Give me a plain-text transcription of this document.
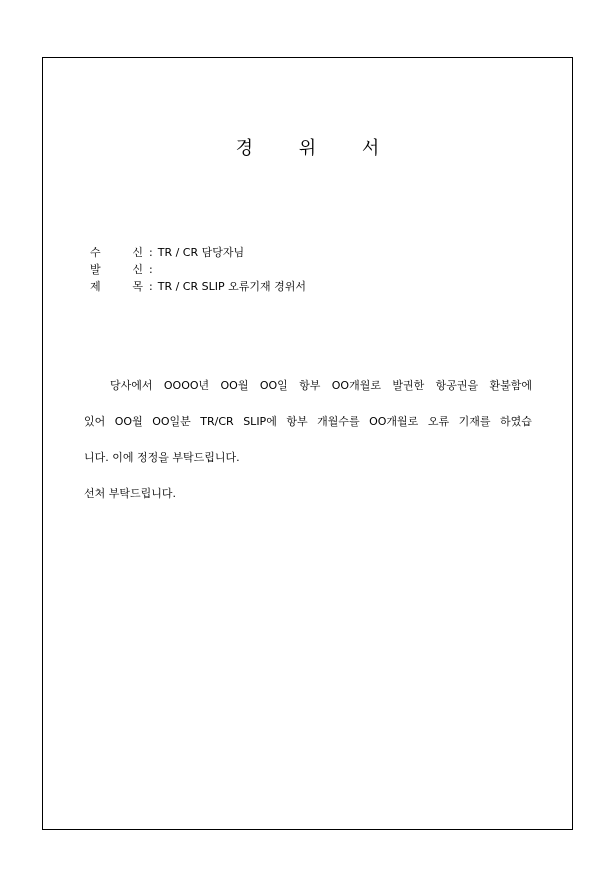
경	위	서
수	신 : TR / CR 담당자님
발	신 :
제	목 : TR / CR SLIP 오류기재 경위서
당사에서 OOOO년 OO월 OO일 항부 OO개월로 발권한 항공권을 환불함에
있어 OO월 OO일분 TR/CR SLIP에 항부 개월수를 OO개월로 오류 기재를 하였습
니다. 이에 정정을 부탁드립니다.
선처 부탁드립니다.
